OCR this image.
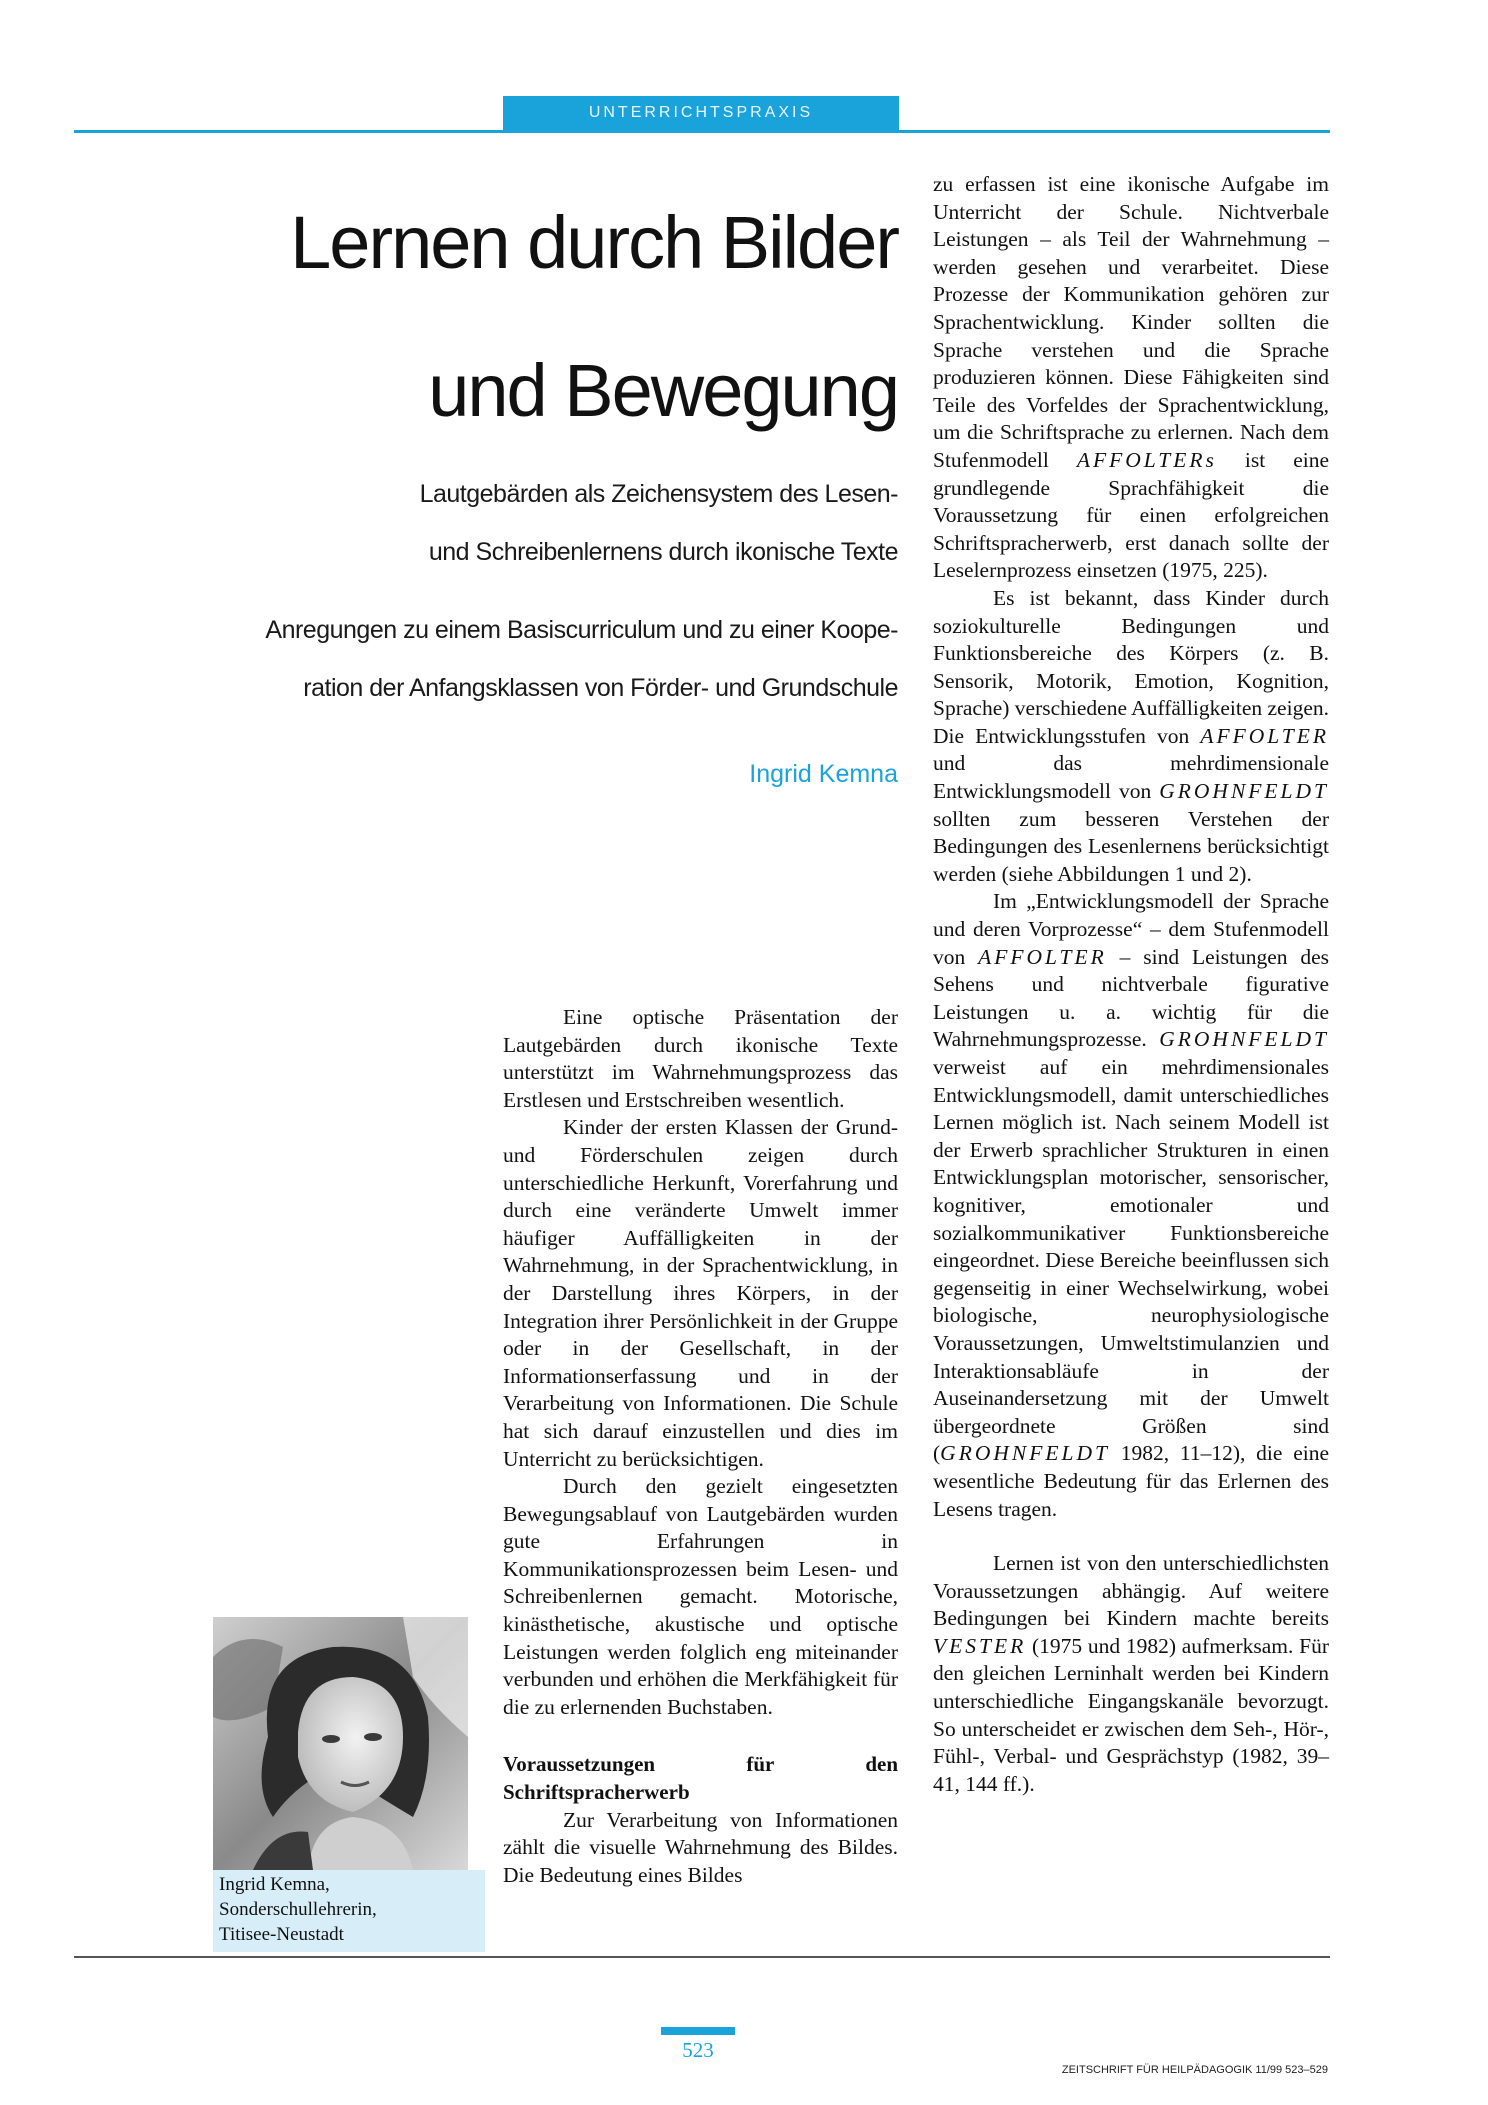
UNTERRICHTSPRAXIS
Lernen durch Bilder
und Bewegung
Lautgebärden als Zeichensystem des Lesen-
und Schreibenlernens durch ikonische Texte
Anregungen zu einem Basiscurriculum und zu einer Koope-
ration der Anfangsklassen von Förder- und Grundschule
Ingrid Kemna

Eine optische Präsentation der Lautgebärden durch ikonische Texte unterstützt im Wahrnehmungsprozess das Erstlesen und Erstschreiben wesentlich.

Kinder der ersten Klassen der Grund- und Förderschulen zeigen durch unterschiedliche Herkunft, Vorerfahrung und durch eine veränderte Umwelt immer häufiger Auffälligkeiten in der Wahrnehmung, in der Sprachentwicklung, in der Darstellung ihres Körpers, in der Integration ihrer Persönlichkeit in der Gruppe oder in der Gesellschaft, in der Informationserfassung und in der Verarbeitung von Informationen. Die Schule hat sich darauf einzustellen und dies im Unterricht zu berücksichtigen.

Durch den gezielt eingesetzten Bewegungsablauf von Lautgebärden wurden gute Erfahrungen in Kommunikationsprozessen beim Lesen- und Schreibenlernen gemacht. Motorische, kinästhetische, akustische und optische Leistungen werden folglich eng miteinander verbunden und erhöhen die Merkfähigkeit für die zu erlernenden Buchstaben.

Voraussetzungen für den Schriftspracherwerb

Zur Verarbeitung von Informationen zählt die visuelle Wahrnehmung des Bildes. Die Bedeutung eines Bildes

zu erfassen ist eine ikonische Aufgabe im Unterricht der Schule. Nichtverbale Leistungen – als Teil der Wahrnehmung – werden gesehen und verarbeitet. Diese Prozesse der Kommunikation gehören zur Sprachentwicklung. Kinder sollten die Sprache verstehen und die Sprache produzieren können. Diese Fähigkeiten sind Teile des Vorfeldes der Sprachentwicklung, um die Schriftsprache zu erlernen. Nach dem Stufenmodell AFFOLTERs ist eine grundlegende Sprachfähigkeit die Voraussetzung für einen erfolgreichen Schriftspracherwerb, erst danach sollte der Leselernprozess einsetzen (1975, 225).

Es ist bekannt, dass Kinder durch soziokulturelle Bedingungen und Funktionsbereiche des Körpers (z. B. Sensorik, Motorik, Emotion, Kognition, Sprache) verschiedene Auffälligkeiten zeigen. Die Entwicklungsstufen von AFFOLTER und das mehrdimensionale Entwicklungsmodell von GROHNFELDT sollten zum besseren Verstehen der Bedingungen des Lesenlernens berücksichtigt werden (siehe Abbildungen 1 und 2).

Im „Entwicklungsmodell der Sprache und deren Vorprozesse“ – dem Stufenmodell von AFFOLTER – sind Leistungen des Sehens und nichtverbale figurative Leistungen u. a. wichtig für die Wahrnehmungsprozesse. GROHNFELDT verweist auf ein mehrdimensionales Entwicklungsmodell, damit unterschiedliches Lernen möglich ist. Nach seinem Modell ist der Erwerb sprachlicher Strukturen in einen Entwicklungsplan motorischer, sensorischer, kognitiver, emotionaler und sozialkommunikativer Funktionsbereiche eingeordnet. Diese Bereiche beeinflussen sich gegenseitig in einer Wechselwirkung, wobei biologische, neurophysiologische Voraussetzungen, Umweltstimulanzien und Interaktionsabläufe in der Auseinandersetzung mit der Umwelt übergeordnete Größen sind (GROHNFELDT 1982, 11–12), die eine wesentliche Bedeutung für das Erlernen des Lesens tragen.

Lernen ist von den unterschiedlichsten Voraussetzungen abhängig. Auf weitere Bedingungen bei Kindern machte bereits VESTER (1975 und 1982) aufmerksam. Für den gleichen Lerninhalt werden bei Kindern unterschiedliche Eingangskanäle bevorzugt. So unterscheidet er zwischen dem Seh-, Hör-, Fühl-, Verbal- und Gesprächstyp (1982, 39–41, 144 ff.).

Ingrid Kemna,
Sonderschullehrerin,
Titisee-Neustadt
523
ZEITSCHRIFT FÜR HEILPÄDAGOGIK 11/99 523–529
